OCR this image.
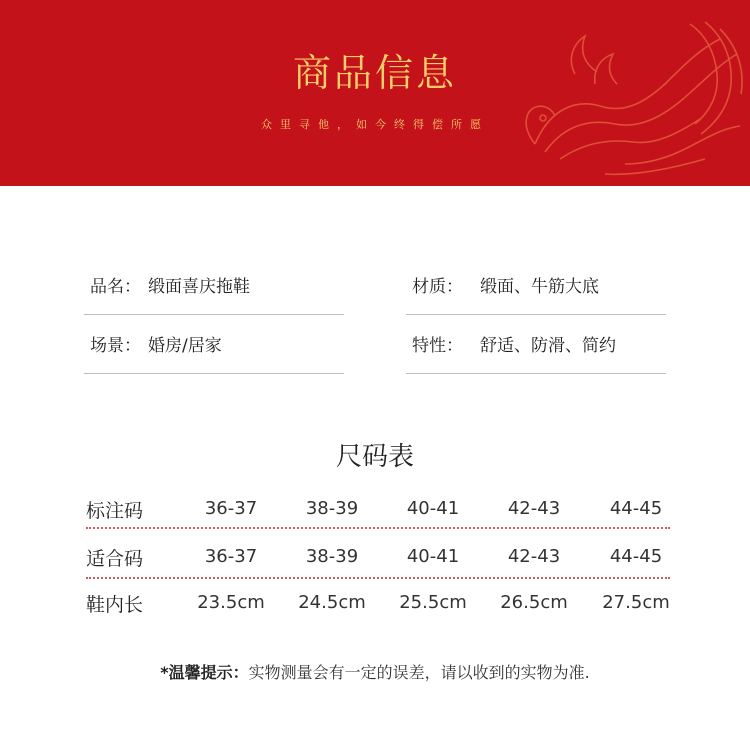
商品信息
众里寻他，如今终得偿所愿
品名： 缎面喜庆拖鞋	材质： 缎面、牛筋大底
场景： 婚房/居家	特性： 舒适、防滑、简约
尺码表
标注码	36-37	38-39	40-41	42-43	44-45
适合码	36-37	38-39	40-41	42-43	44-45
鞋内长	23.5cm	24.5cm	25.5cm	26.5cm	27.5cm
*温馨提示：实物测量会有一定的误差，请以收到的实物为准.
